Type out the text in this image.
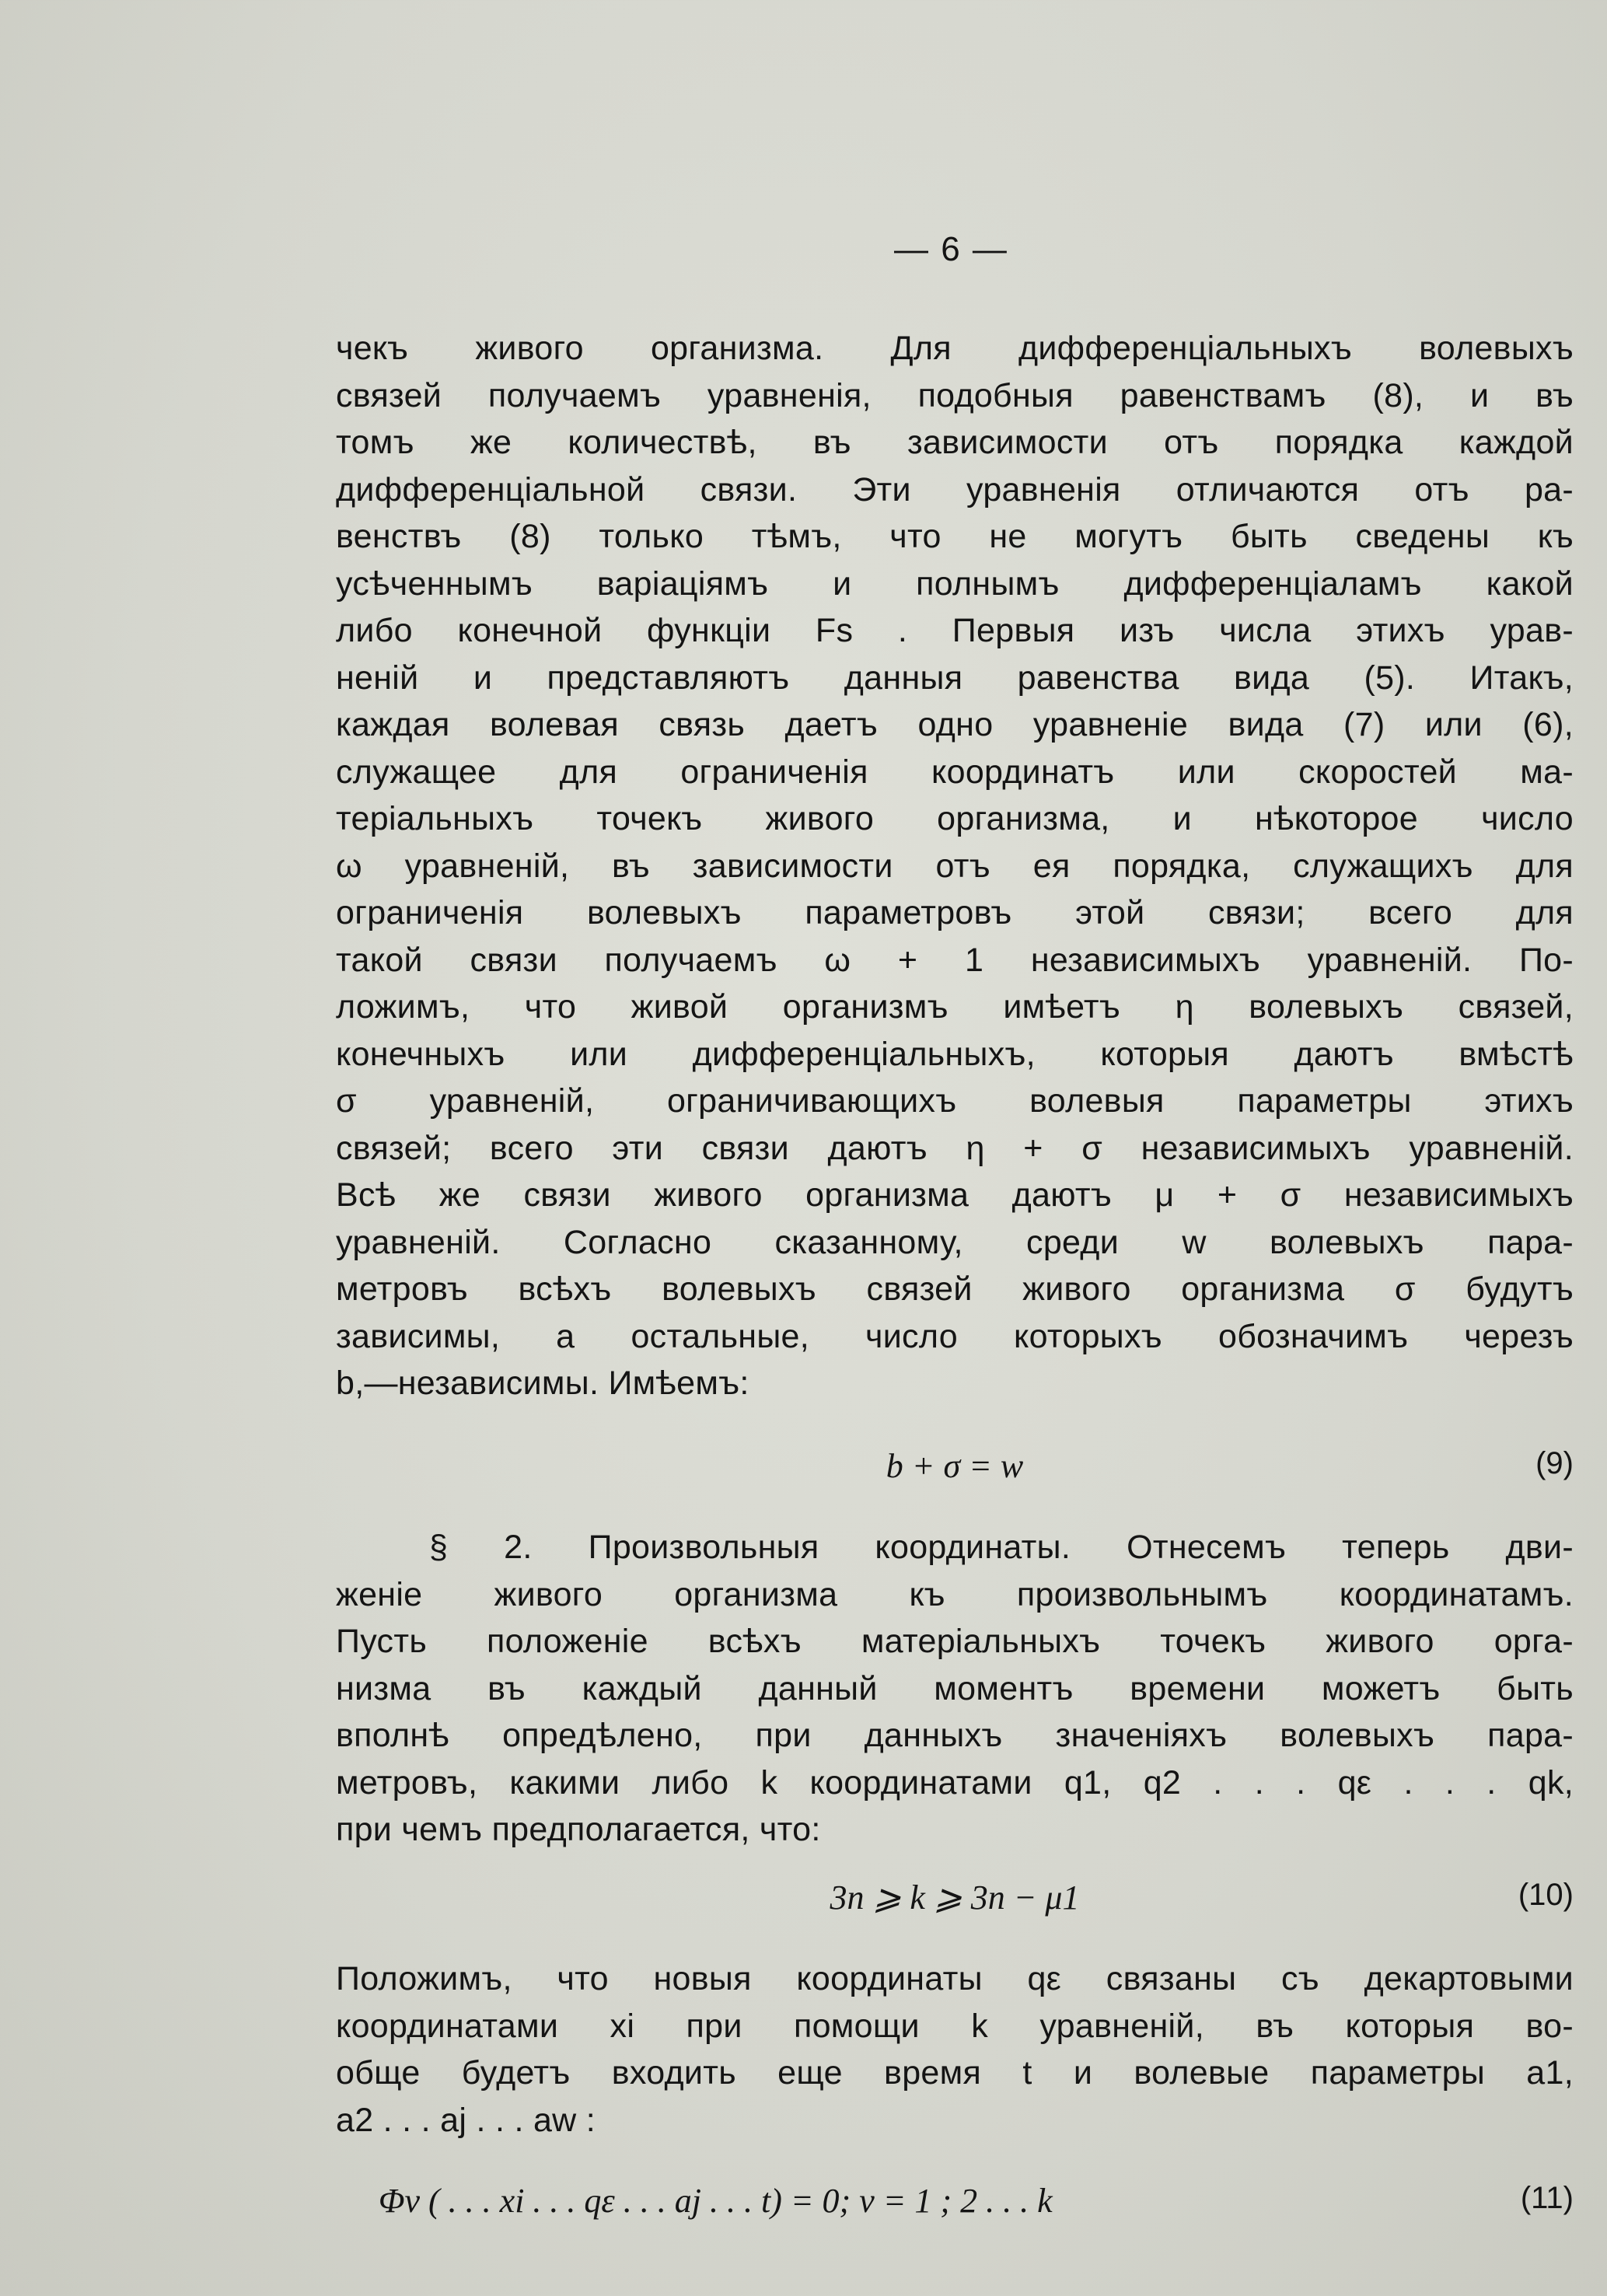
— 6 —
чекъ живого организма. Для дифференціальныхъ волевыхъ
связей получаемъ уравненія, подобныя равенствамъ (8), и въ
томъ же количествѣ, въ зависимости отъ порядка каждой
дифференціальной связи. Эти уравненія отличаются отъ ра-
венствъ (8) только тѣмъ, что не могутъ быть сведены къ
усѣченнымъ варіаціямъ и полнымъ дифференціаламъ какой
либо конечной функціи Fs . Первыя изъ числа этихъ урав-
неній и представляютъ данныя равенства вида (5). Итакъ,
каждая волевая связь даетъ одно уравненіе вида (7) или (6),
служащее для ограниченія координатъ или скоростей ма-
теріальныхъ точекъ живого организма, и нѣкоторое число
ω уравненій, въ зависимости отъ ея порядка, служащихъ для
ограниченія волевыхъ параметровъ этой связи; всего для
такой связи получаемъ ω + 1 независимыхъ уравненій. По-
ложимъ, что живой организмъ имѣетъ η волевыхъ связей,
конечныхъ или дифференціальныхъ, которыя даютъ вмѣстѣ
σ уравненій, ограничивающихъ волевыя параметры этихъ
связей; всего эти связи даютъ η + σ независимыхъ уравненій.
Всѣ же связи живого организма даютъ μ + σ независимыхъ
уравненій. Согласно сказанному, среди w волевыхъ пара-
метровъ всѣхъ волевыхъ связей живого организма σ будутъ
зависимы, а остальные, число которыхъ обозначимъ черезъ
b,—независимы. Имѣемъ:
b + σ = w	(9)
§ 2. Произвольныя координаты. Отнесемъ теперь дви-
женіе живого организма къ произвольнымъ координатамъ.
Пусть положеніе всѣхъ матеріальныхъ точекъ живого орга-
низма въ каждый данный моментъ времени можетъ быть
вполнѣ опредѣлено, при данныхъ значеніяхъ волевыхъ пара-
метровъ, какими либо k координатами q1, q2 . . . qε . . . qk,
при чемъ предполагается, что:
3n ⩾ k ⩾ 3n − μ1	(10)
Положимъ, что новыя координаты qε связаны съ декартовыми
координатами xi при помощи k уравненій, въ которыя во-
обще будетъ входить еще время t и волевые параметры a1,
a2 . . . aj . . . aw :
Φν ( . . . xi . . . qε . . . aj . . . t) = 0; ν = 1 ; 2 . . . k	(11)
